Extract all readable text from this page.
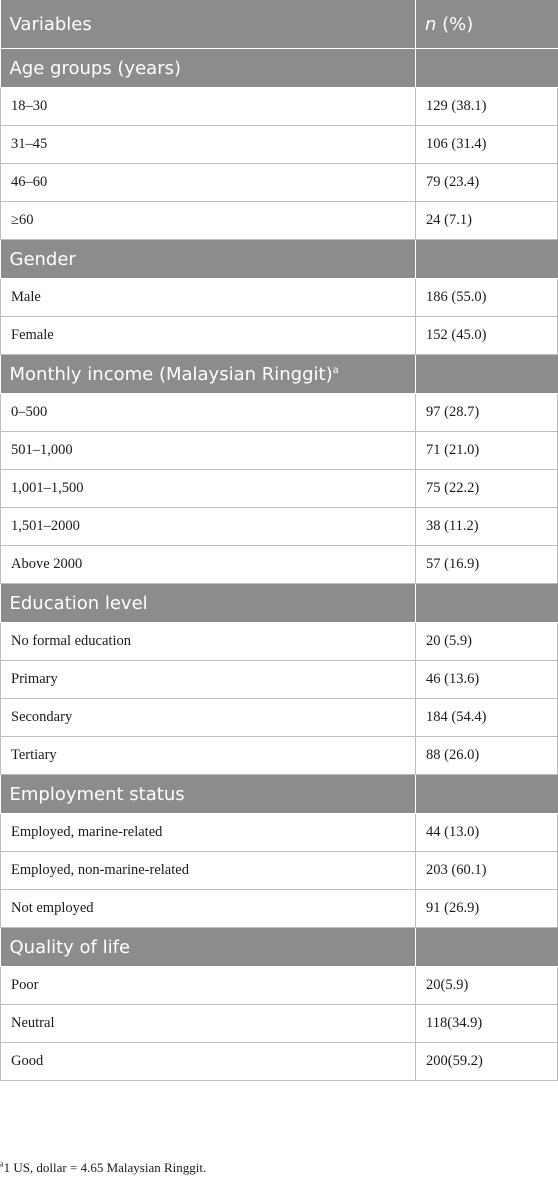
Variables	n (%)
Age groups (years)	
18–30	129 (38.1)
31–45	106 (31.4)
46–60	79 (23.4)
≥60	24 (7.1)
Gender	
Male	186 (55.0)
Female	152 (45.0)
Monthly income (Malaysian Ringgit)$^a$	
0–500	97 (28.7)
501–1,000	71 (21.0)
1,001–1,500	75 (22.2)
1,501–2000	38 (11.2)
Above 2000	57 (16.9)
Education level	
No formal education	20 (5.9)
Primary	46 (13.6)
Secondary	184 (54.4)
Tertiary	88 (26.0)
Employment status	
Employed, marine-related	44 (13.0)
Employed, non-marine-related	203 (60.1)
Not employed	91 (26.9)
Quality of life	
Poor	20(5.9)
Neutral	118(34.9)
Good	200(59.2)
$^a$1 US, dollar = 4.65 Malaysian Ringgit.
